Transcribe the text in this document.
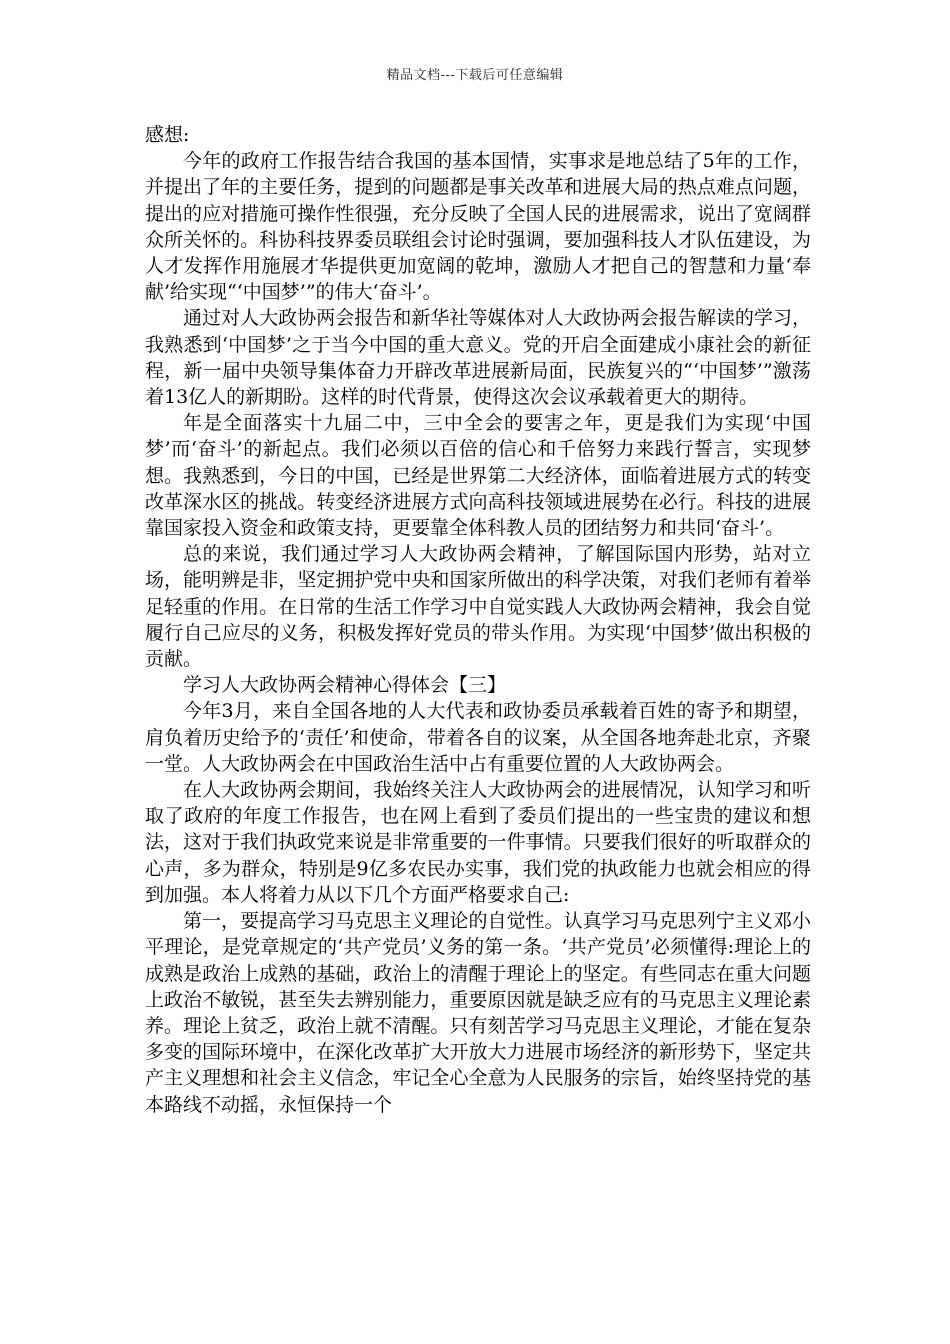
精品文档---下载后可任意编辑

感想:

今年的政府工作报告结合我国的基本国情，实事求是地总结了5年的工作，并提出了年的主要任务，提到的问题都是事关改革和进展大局的热点难点问题，提出的应对措施可操作性很强，充分反映了全国人民的进展需求，说出了宽阔群众所关怀的。科协科技界委员联组会讨论时强调，要加强科技人才队伍建设，为人才发挥作用施展才华提供更加宽阔的乾坤，激励人才把自己的智慧和力量‘奉献’给实现“‘中国梦’”的伟大‘奋斗’。

通过对人大政协两会报告和新华社等媒体对人大政协两会报告解读的学习，我熟悉到‘中国梦’之于当今中国的重大意义。党的开启全面建成小康社会的新征程，新一届中央领导集体奋力开辟改革进展新局面，民族复兴的“‘中国梦’”激荡着13亿人的新期盼。这样的时代背景，使得这次会议承载着更大的期待。

年是全面落实十九届二中，三中全会的要害之年，更是我们为实现‘中国梦’而‘奋斗’的新起点。我们必须以百倍的信心和千倍努力来践行誓言，实现梦想。我熟悉到，今日的中国，已经是世界第二大经济体，面临着进展方式的转变改革深水区的挑战。转变经济进展方式向高科技领域进展势在必行。科技的进展靠国家投入资金和政策支持，更要靠全体科教人员的团结努力和共同‘奋斗’。

总的来说，我们通过学习人大政协两会精神，了解国际国内形势，站对立场，能明辨是非，坚定拥护党中央和国家所做出的科学决策，对我们老师有着举足轻重的作用。在日常的生活工作学习中自觉实践人大政协两会精神，我会自觉履行自己应尽的义务，积极发挥好党员的带头作用。为实现‘中国梦’做出积极的贡献。

学习人大政协两会精神心得体会【三】

今年3月，来自全国各地的人大代表和政协委员承载着百姓的寄予和期望，肩负着历史给予的‘责任’和使命，带着各自的议案，从全国各地奔赴北京，齐聚一堂。人大政协两会在中国政治生活中占有重要位置的人大政协两会。

在人大政协两会期间，我始终关注人大政协两会的进展情况，认知学习和听取了政府的年度工作报告，也在网上看到了委员们提出的一些宝贵的建议和想法，这对于我们执政党来说是非常重要的一件事情。只要我们很好的听取群众的心声，多为群众，特别是9亿多农民办实事，我们党的执政能力也就会相应的得到加强。本人将着力从以下几个方面严格要求自己:

第一，要提高学习马克思主义理论的自觉性。认真学习马克思列宁主义邓小平理论，是党章规定的‘共产党员’义务的第一条。‘共产党员’必须懂得:理论上的成熟是政治上成熟的基础，政治上的清醒于理论上的坚定。有些同志在重大问题上政治不敏锐，甚至失去辨别能力，重要原因就是缺乏应有的马克思主义理论素养。理论上贫乏，政治上就不清醒。只有刻苦学习马克思主义理论，才能在复杂多变的国际环境中，在深化改革扩大开放大力进展市场经济的新形势下，坚定共产主义理想和社会主义信念，牢记全心全意为人民服务的宗旨，始终坚持党的基本路线不动摇，永恒保持一个
